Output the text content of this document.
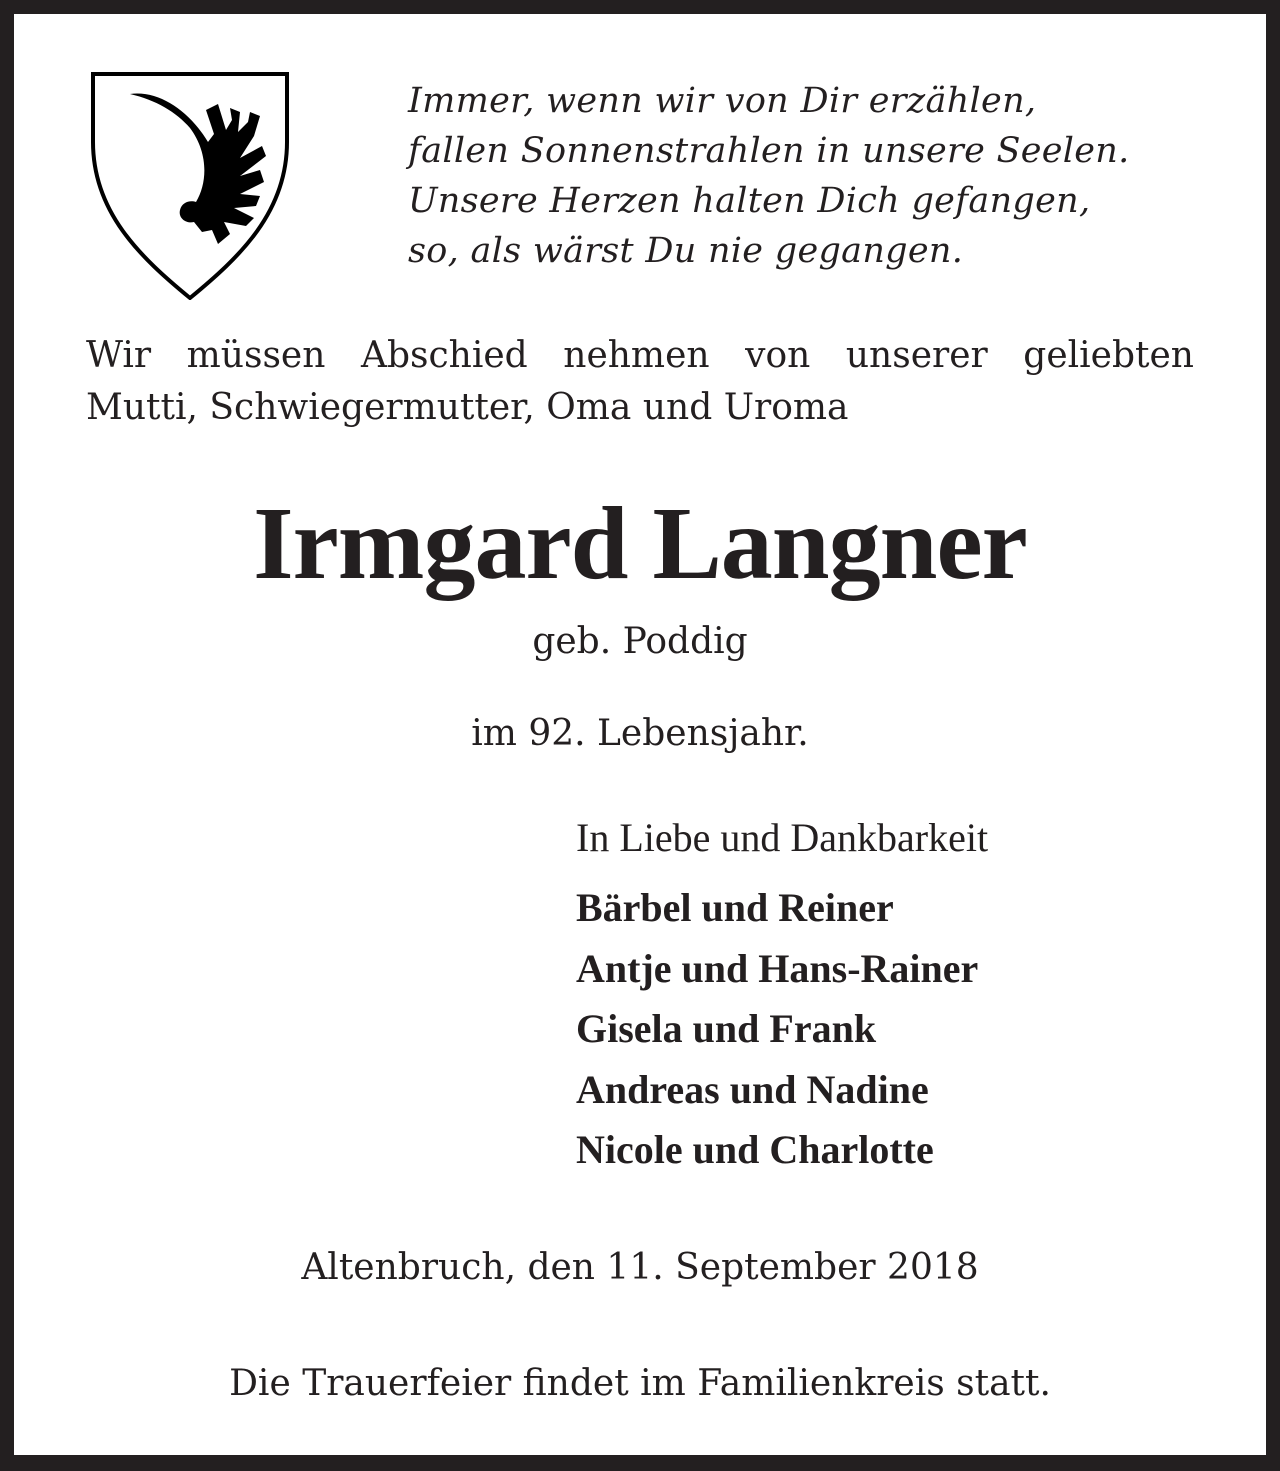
Immer, wenn wir von Dir erzählen,
fallen Sonnenstrahlen in unsere Seelen.
Unsere Herzen halten Dich gefangen,
so, als wärst Du nie gegangen.
Wir müssen Abschied nehmen von unserer geliebten
Mutti, Schwiegermutter, Oma und Uroma
Irmgard Langner
geb. Poddig
im 92. Lebensjahr.
In Liebe und Dankbarkeit
Bärbel und Reiner
Antje und Hans-Rainer
Gisela und Frank
Andreas und Nadine
Nicole und Charlotte
Altenbruch, den 11. September 2018
Die Trauerfeier findet im Familienkreis statt.
